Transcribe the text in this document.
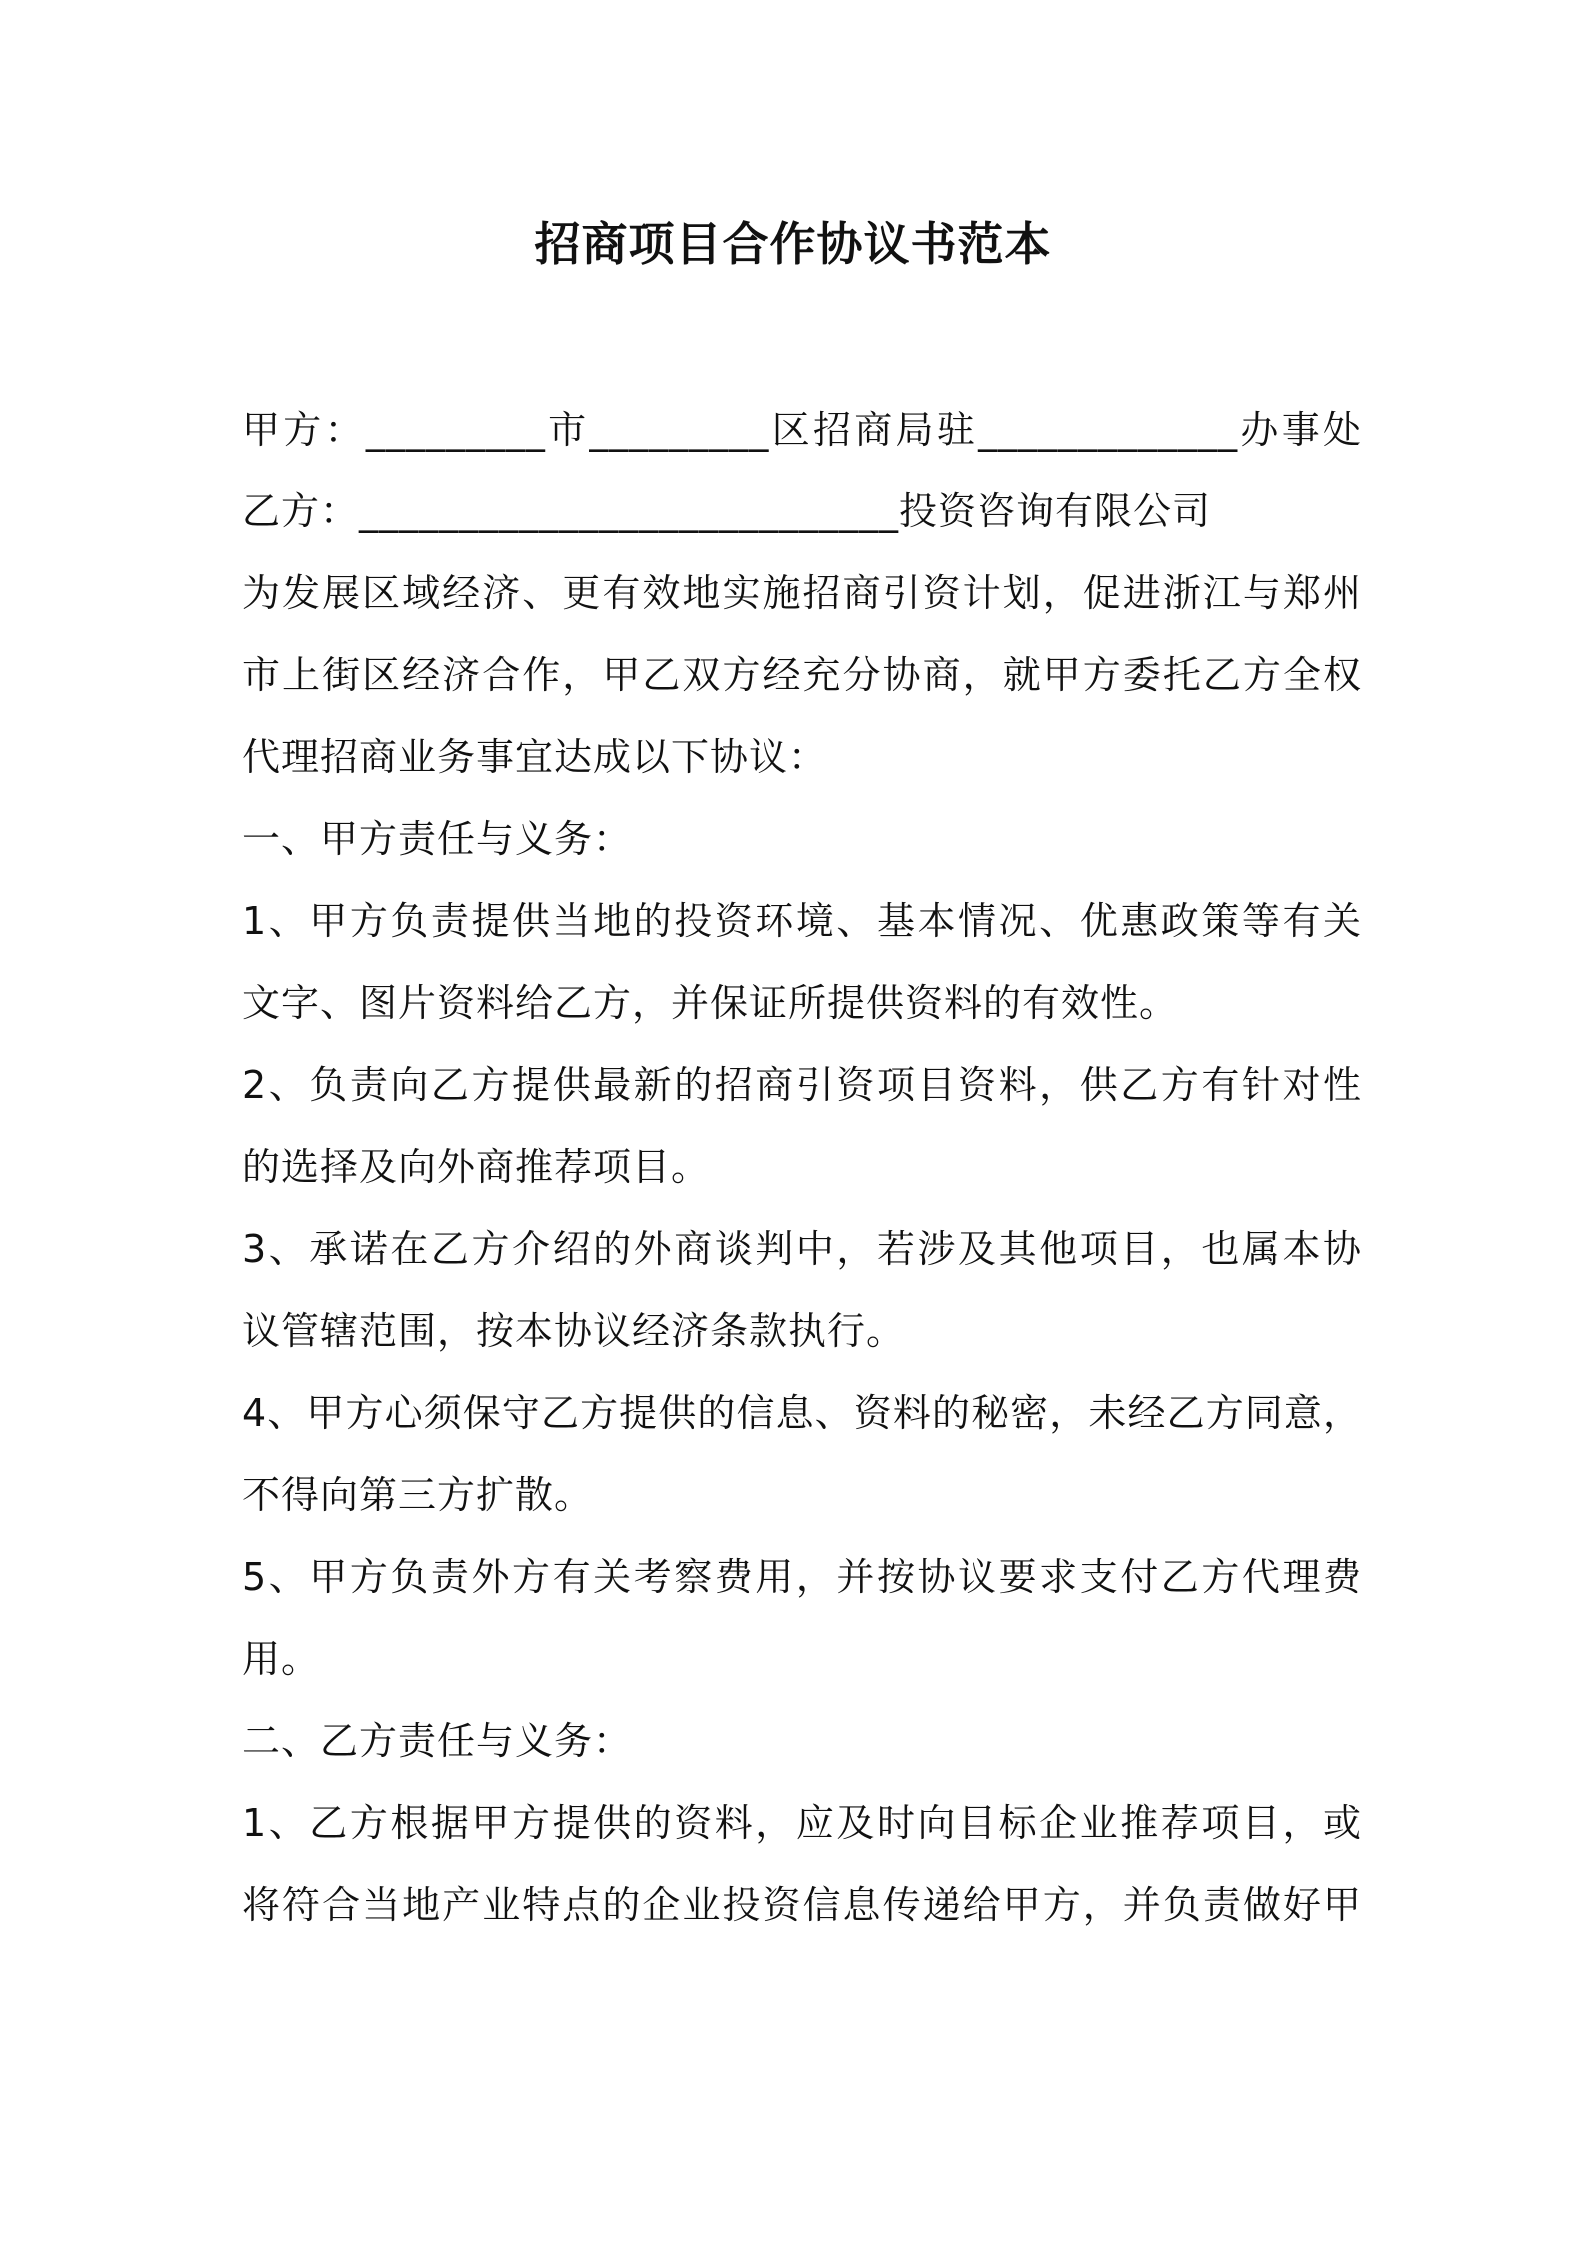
招商项目合作协议书范本
甲方：_________市_________区招商局驻_____________办事处
乙方：___________________________投资咨询有限公司
为发展区域经济、更有效地实施招商引资计划，促进浙江与郑州
市上街区经济合作，甲乙双方经充分协商，就甲方委托乙方全权
代理招商业务事宜达成以下协议：
一、甲方责任与义务：
1、甲方负责提供当地的投资环境、基本情况、优惠政策等有关
文字、图片资料给乙方，并保证所提供资料的有效性。
2、负责向乙方提供最新的招商引资项目资料，供乙方有针对性
的选择及向外商推荐项目。
3、承诺在乙方介绍的外商谈判中，若涉及其他项目，也属本协
议管辖范围，按本协议经济条款执行。
4、甲方心须保守乙方提供的信息、资料的秘密，未经乙方同意，
不得向第三方扩散。
5、甲方负责外方有关考察费用，并按协议要求支付乙方代理费
用。
二、乙方责任与义务：
1、乙方根据甲方提供的资料，应及时向目标企业推荐项目，或
将符合当地产业特点的企业投资信息传递给甲方，并负责做好甲
